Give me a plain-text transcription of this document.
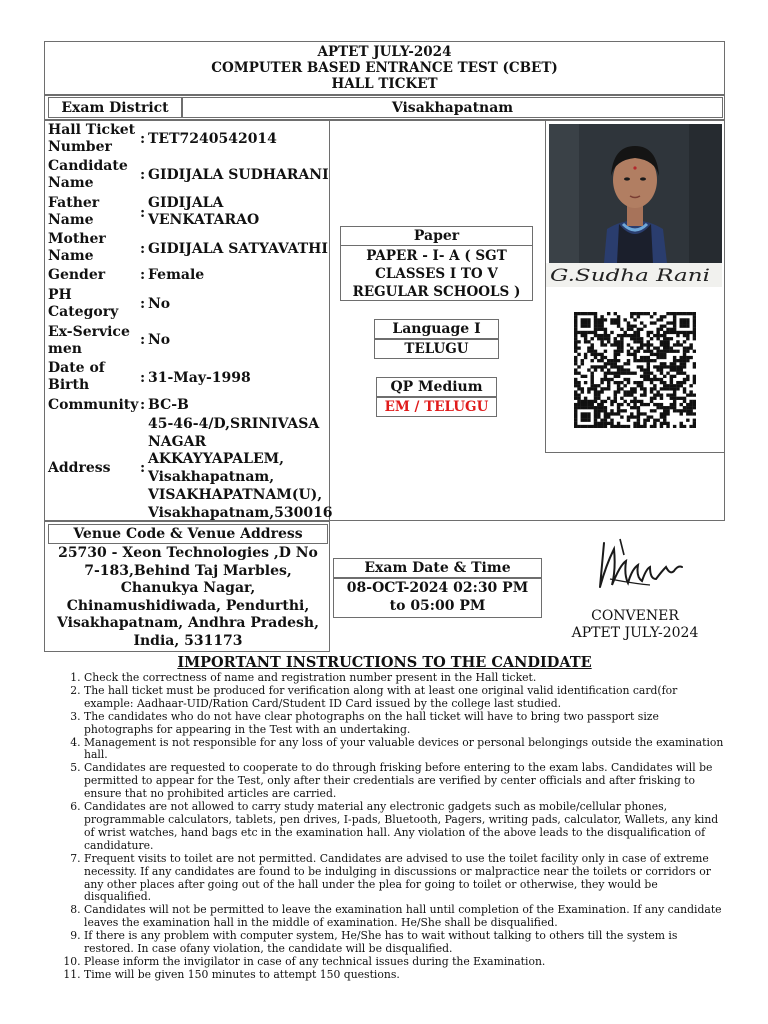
APTET JULY-2024
COMPUTER BASED ENTRANCE TEST (CBET)
HALL TICKET
Exam District	Visakhapatnam
Hall Ticket Number	: TET7240542014
Candidate Name	: GIDIJALA SUDHARANI
Father Name	:
GIDIJALA VENKATARAO
Mother Name	: GIDIJALA SATYAVATHI
Gender	: Female
PH Category	: No
Ex-Servicemen
: No
Date of Birth	: 31-May-1998
Community : BC-B
Address	:
45-46-4/D,SRINIVASA NAGAR AKKAYYAPALEM, Visakhapatnam, VISAKHAPATNAM(U), Visakhapatnam,530016
Paper
PAPER - I- A ( SGT CLASSES I TO V REGULAR SCHOOLS )
Language I
TELUGU
QP Medium
EM / TELUGU
G.Sudha Rani
Venue Code & Venue Address
25730 - Xeon Technologies ,D No 7-183,Behind Taj Marbles, Chanukya Nagar, Chinamushidiwada, Pendurthi, Visakhapatnam, Andhra Pradesh, India, 531173
Exam Date & Time
08-OCT-2024 02:30 PM to 05:00 PM
CONVENER
APTET JULY-2024
IMPORTANT INSTRUCTIONS TO THE CANDIDATE
1. Check the correctness of name and registration number present in the Hall ticket.
2. The hall ticket must be produced for verification along with at least one original valid identification card(for example: Aadhaar-UID/Ration Card/Student ID Card issued by the college last studied.
3. The candidates who do not have clear photographs on the hall ticket will have to bring two passport size photographs for appearing in the Test with an undertaking.
4. Management is not responsible for any loss of your valuable devices or personal belongings outside the examination hall.
5. Candidates are requested to cooperate to do through frisking before entering to the exam labs. Candidates will be permitted to appear for the Test, only after their credentials are verified by center officials and after frisking to ensure that no prohibited articles are carried.
6. Candidates are not allowed to carry study material any electronic gadgets such as mobile/cellular phones, programmable calculators, tablets, pen drives, I-pads, Bluetooth, Pagers, writing pads, calculator, Wallets, any kind of wrist watches, hand bags etc in the examination hall. Any violation of the above leads to the disqualification of candidature.
7. Frequent visits to toilet are not permitted. Candidates are advised to use the toilet facility only in case of extreme necessity. If any candidates are found to be indulging in discussions or malpractice near the toilets or corridors or any other places after going out of the hall under the plea for going to toilet or otherwise, they would be disqualified.
8. Candidates will not be permitted to leave the examination hall until completion of the Examination. If any candidate leaves the examination hall in the middle of examination. He/She shall be disqualified.
9. If there is any problem with computer system, He/She has to wait without talking to others till the system is restored. In case ofany violation, the candidate will be disqualified.
10. Please inform the invigilator in case of any technical issues during the Examination.
11. Time will be given 150 minutes to attempt 150 questions.
